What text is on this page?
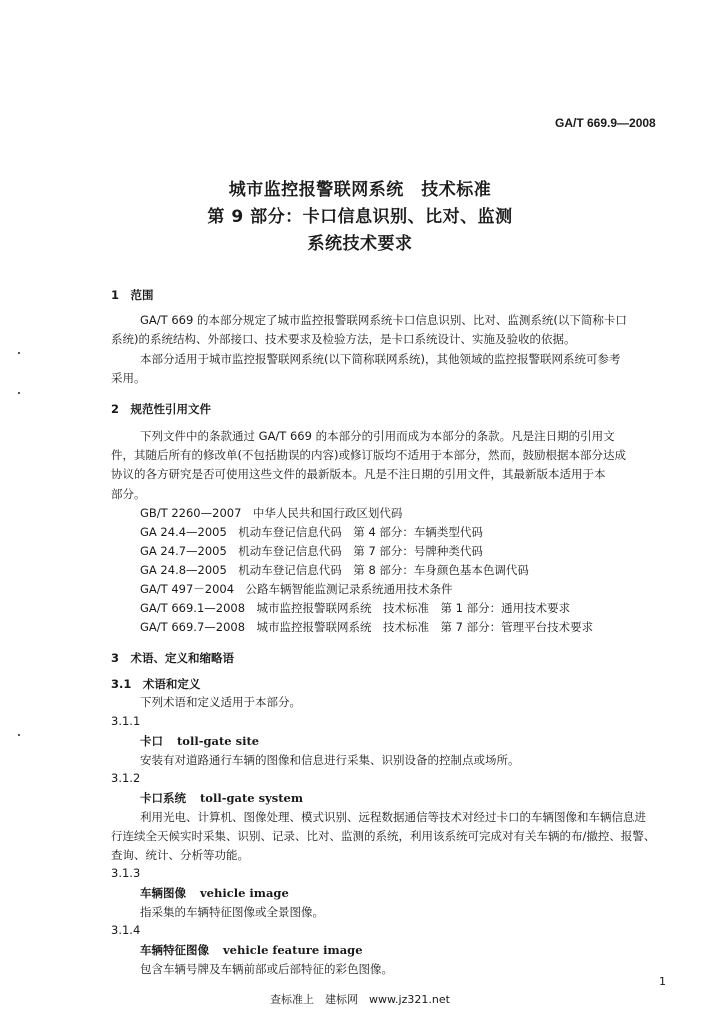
GA/T 669.9—2008
城市监控报警联网系统　技术标准
第 9 部分：卡口信息识别、比对、监测
系统技术要求
1　范围
GA/T 669 的本部分规定了城市监控报警联网系统卡口信息识别、比对、监测系统(以下简称卡口
系统)的系统结构、外部接口、技术要求及检验方法，是卡口系统设计、实施及验收的依据。
本部分适用于城市监控报警联网系统(以下简称联网系统)，其他领域的监控报警联网系统可参考
采用。
2　规范性引用文件
下列文件中的条款通过 GA/T 669 的本部分的引用而成为本部分的条款。凡是注日期的引用文
件，其随后所有的修改单(不包括勘误的内容)或修订版均不适用于本部分，然而，鼓励根据本部分达成
协议的各方研究是否可使用这些文件的最新版本。凡是不注日期的引用文件，其最新版本适用于本
部分。
GB/T 2260—2007　中华人民共和国行政区划代码
GA 24.4—2005　机动车登记信息代码　第 4 部分：车辆类型代码
GA 24.7—2005　机动车登记信息代码　第 7 部分：号牌种类代码
GA 24.8—2005　机动车登记信息代码　第 8 部分：车身颜色基本色调代码
GA/T 497－2004　公路车辆智能监测记录系统通用技术条件
GA/T 669.1—2008　城市监控报警联网系统　技术标准　第 1 部分：通用技术要求
GA/T 669.7—2008　城市监控报警联网系统　技术标准　第 7 部分：管理平台技术要求
3　术语、定义和缩略语
3.1　术语和定义
下列术语和定义适用于本部分。
3.1.1
卡口 toll-gate site
安装有对道路通行车辆的图像和信息进行采集、识别设备的控制点或场所。
3.1.2
卡口系统 toll-gate system
利用光电、计算机、图像处理、模式识别、远程数据通信等技术对经过卡口的车辆图像和车辆信息进
行连续全天候实时采集、识别、记录、比对、监测的系统，利用该系统可完成对有关车辆的布/撤控、报警、
查询、统计、分析等功能。
3.1.3
车辆图像 vehicle image
指采集的车辆特征图像或全景图像。
3.1.4
车辆特征图像 vehicle feature image
包含车辆号牌及车辆前部或后部特征的彩色图像。
1
查标准上　建标网　www.jz321.net
